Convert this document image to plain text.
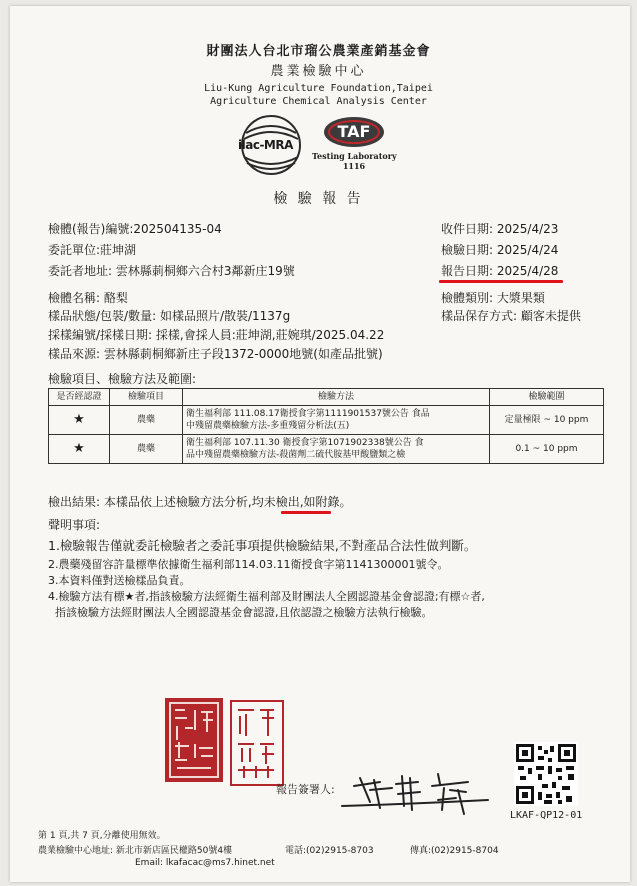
財團法人台北市瑠公農業產銷基金會
農業檢驗中心
Liu-Kung Agriculture Foundation,Taipei
Agriculture Chemical Analysis Center
ilac-MRA
TAF
Testing Laboratory
1116
檢 驗 報 告
檢體(報告)編號:202504135-04
委託單位:莊坤湖
委託者地址: 雲林縣莿桐鄉六合村3鄰新庄19號
收件日期: 2025/4/23
檢驗日期: 2025/4/24
報告日期: 2025/4/28
檢體名稱: 酪梨	檢體類別: 大漿果類
樣品狀態/包裝/數量: 如樣品照片/散裝/1137g	樣品保存方式: 顧客未提供
採樣編號/採樣日期: 採樣,會採人員:莊坤湖,莊婉琪/2025.04.22
樣品來源: 雲林縣莿桐鄉新庄子段1372-0000地號(如產品批號)
檢驗項目、檢驗方法及範圍:
是否經認證	檢驗項目	檢驗方法	檢驗範圍
★	農藥	衛生福利部 111.08.17衛授食字第1111901537號公告 食品
中殘留農藥檢驗方法-多重殘留分析法(五)	定量極限 ~ 10 ppm
★	農藥	衛生福利部 107.11.30 衛授食字第1071902338號公告 食
品中殘留農藥檢驗方法-殺菌劑二硫代胺基甲酸鹽類之檢	0.1 ~ 10 ppm
檢出結果: 本樣品依上述檢驗方法分析,均未檢出,如附錄。
聲明事項:
1.檢驗報告僅就委託檢驗者之委託事項提供檢驗結果,不對產品合法性做判斷。
2.農藥殘留容許量標準依據衛生福利部114.03.11衛授食字第1141300001號令。
3.本資料僅對送檢樣品負責。
4.檢驗方法有標★者,指該檢驗方法經衛生福利部及財團法人全國認證基金會認證;有標☆者,
指該檢驗方法經財團法人全國認證基金會認證,且依認證之檢驗方法執行檢驗。
報告簽署人:
LKAF-QP12-01
第 1 頁,共 7 頁,分離使用無效。
農業檢驗中心地址: 新北市新店區民權路50號4樓	電話:(02)2915-8703	傳真:(02)2915-8704
Email: lkafacac@ms7.hinet.net
